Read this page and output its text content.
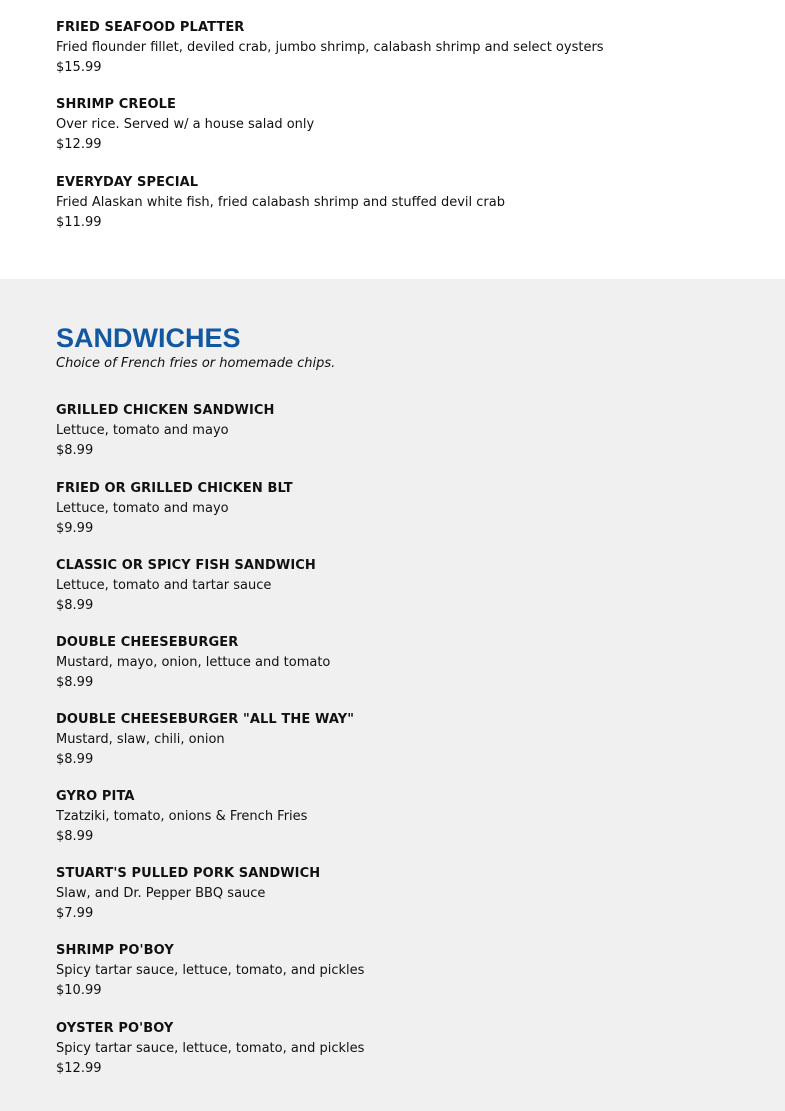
FRIED SEAFOOD PLATTER
Fried flounder fillet, deviled crab, jumbo shrimp, calabash shrimp and select oysters
$15.99
SHRIMP CREOLE
Over rice. Served w/ a house salad only
$12.99
EVERYDAY SPECIAL
Fried Alaskan white fish, fried calabash shrimp and stuffed devil crab
$11.99
SANDWICHES
Choice of French fries or homemade chips.
GRILLED CHICKEN SANDWICH
Lettuce, tomato and mayo
$8.99
FRIED OR GRILLED CHICKEN BLT
Lettuce, tomato and mayo
$9.99
CLASSIC OR SPICY FISH SANDWICH
Lettuce, tomato and tartar sauce
$8.99
DOUBLE CHEESEBURGER
Mustard, mayo, onion, lettuce and tomato
$8.99
DOUBLE CHEESEBURGER "ALL THE WAY"
Mustard, slaw, chili, onion
$8.99
GYRO PITA
Tzatziki, tomato, onions & French Fries
$8.99
STUART'S PULLED PORK SANDWICH
Slaw, and Dr. Pepper BBQ sauce
$7.99
SHRIMP PO'BOY
Spicy tartar sauce, lettuce, tomato, and pickles
$10.99
OYSTER PO'BOY
Spicy tartar sauce, lettuce, tomato, and pickles
$12.99
